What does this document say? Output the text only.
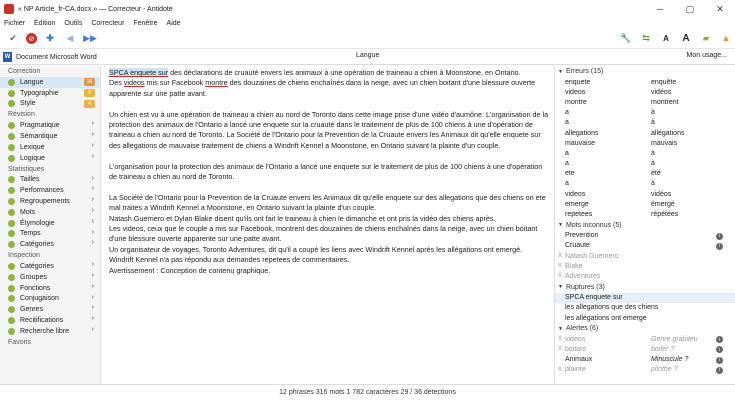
« NP Article_fr-CA.docx » — Correcteur - Antidote	─	▢	✕
Fichier Édition Outils Correcteur Fenêtre Aide
✔	⊘	✚	◀	▶▶	🔧	⇆	A	A	▰	▲
W Document Microsoft Word	Langue	Mon usage...
Correction
Langue	36
Typographie	0
Style	4
Révision
Pragmatique	›
Sémantique	›
Lexique	›
Logique	›
Statistiques
Tailles	›
Performances	›
Regroupements	›
Mots	›
Étymologie	›
Temps	›
Catégories	›
Inspection
Catégories	›
Groupes	›
Fonctions	›
Conjugaison	›
Genres	›
Recitifications	›
Recherche libre	›
Favoris

SPCA enquete sur des déclarations de cruauté envers les animaux à une opération de traineau a chien à Moonstone, en Ontario.

Des videos mis sur Facebook montre des douzaines de chiens enchaînés dans la neige, avec un chien boitant d'une blessure ouverte apparente sur une patte avant.

Un chien est vu à une opération de traineau a chien au nord de Toronto dans cette image prise d'une vidéo d'aumône. L'organisation de la protection des animaux de l'Ontario a lancé une enquete sur la cruauté dans le traitement de plus de 100 chiens à une d'opération de traineau a chien au nord de Toronto. La Société de l'Ontario pour la Prevention de la Cruaute envers les Animaux dit qu'elle enquete sur des allegations de mauvaise traitement de chiens a Windrift Kennel a Moonstone, en Ontario suivant la plainte d'un couple.

L'organisation pour la protection des animaux de l'Ontario a lancé une enquete sur le traitement de plus de 100 chiens à une d'opération de traineau a chien au nord de Toronto.

La Société de l'Ontario pour la Prevention de la Cruaute envers les Animaux dit qu'elle enquete sur des allegations que des chiens on ete mal traites a Windrift Kennel a Moonstone, en Ontario suivant la plainte d'un couple.

Natash Guerriero et Dylan Blake disent qu'ils ont fait le traineau à chien le dimanche et ont pris la vidéo des chiens après.

Les videos, ceux que le couple a mis sur Facebook, montrent des douzaines de chiens enchaînés dans la neige, avec un chien boitant d'une blessure ouverte apparente sur une patte avant.

Un organisateur de voyages, Toronto Adventures, dit qu'il a coupé les liens avec Windrift Kennel après les allégations ont emergé.

Windrift Kennel n'a pas répondu aux demandes repetees de commentaires.

Avertissement : Conception de contenu graphique.

▼ Erreurs (15)
enquete	enquête
videos	vidéos
montre	montrent
a	à
a	à
allegations	allégations
mauvaise	mauvais
a	à
a	à
ete	été
a	à
videos	vidéos
emerge	émergé
repetees	répétées
▼ Mots inconnus (5)
Prevention	i
Cruaute	i
X Natash Guerriero
X Blake
X Adventures
▼ Ruptures (3)
SPCA enquete sur
les allegations que des chiens
les allégations ont emerge
▼ Alertes (6)
X videos	Genre grabiteu	i
X boitant	boiter ?	i
Animaux	Minuscule ?	i
X plainte	plinthe ?	i
12 phrases 316 mots 1 782 caractères 29 / 36 détections
